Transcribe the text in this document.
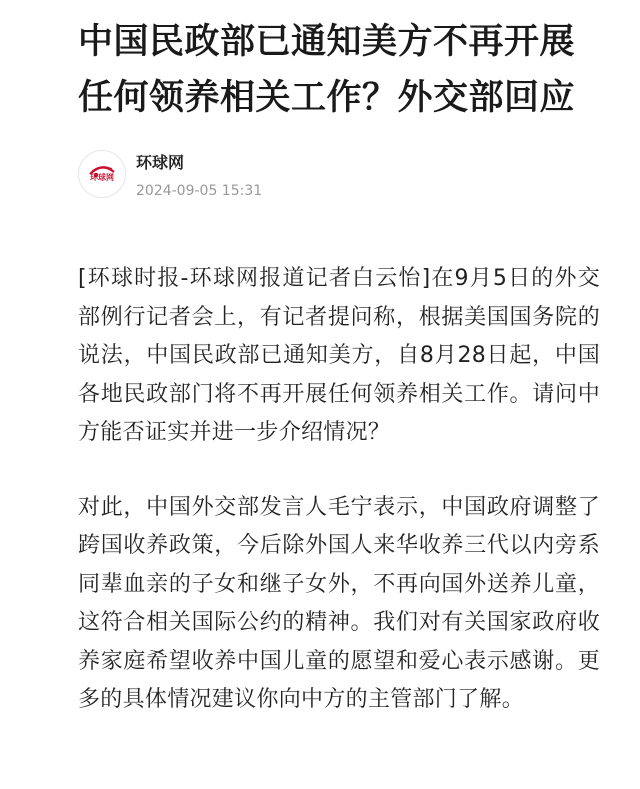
中国民政部已通知美方不再开展任何领养相关工作？外交部回应
环球网
环球网
2024-09-05 15:31

[环球时报-环球网报道记者白云怡]在9月5日的外交部例行记者会上，有记者提问称，根据美国国务院的说法，中国民政部已通知美方，自8月28日起，中国各地民政部门将不再开展任何领养相关工作。请问中方能否证实并进一步介绍情况？

对此，中国外交部发言人毛宁表示，中国政府调整了跨国收养政策，今后除外国人来华收养三代以内旁系同辈血亲的子女和继子女外，不再向国外送养儿童，这符合相关国际公约的精神。我们对有关国家政府收养家庭希望收养中国儿童的愿望和爱心表示感谢。更多的具体情况建议你向中方的主管部门了解。
